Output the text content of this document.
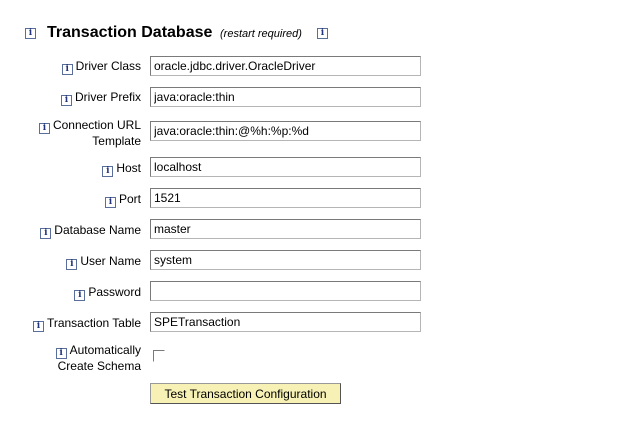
i
Transaction Database (restart required)
i
iDriver Class
oracle.jdbc.driver.OracleDriver
iDriver Prefix
java:oracle:thin
iConnection URL
Template
java:oracle:thin:@%h:%p:%d
iHost
localhost
iPort
1521
iDatabase Name
master
iUser Name
system
iPassword
iTransaction Table
SPETransaction
iAutomatically
Create Schema
Test Transaction Configuration
